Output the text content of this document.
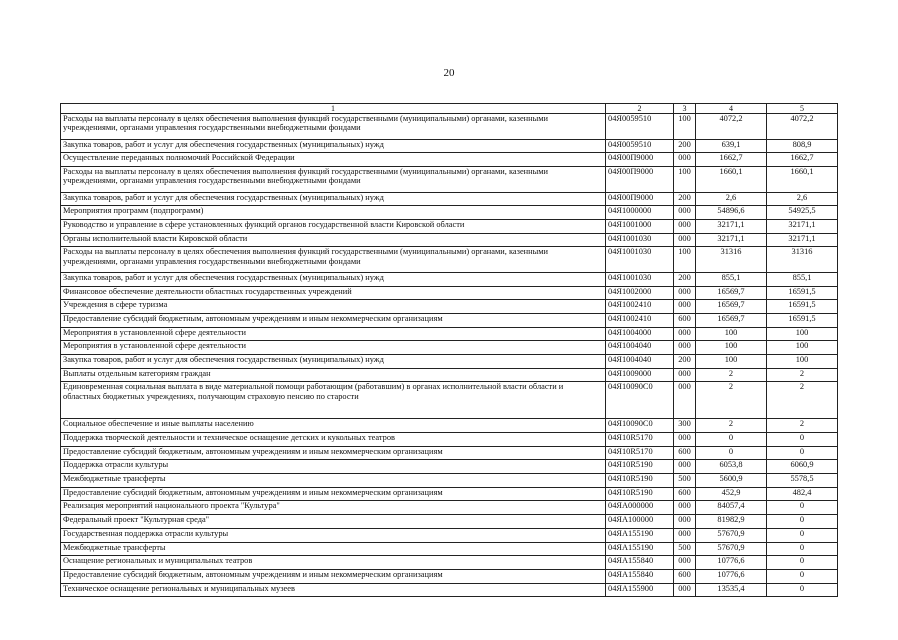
20
1	2	3	4	5
Расходы на выплаты персоналу в целях обеспечения выполнения функций государственными (муниципальными) органами, казенными учреждениями, органами управления государственными внебюджетными фондами	04Я0059510	100	4072,2	4072,2
Закупка товаров, работ и услуг для обеспечения государственных (муниципальных) нужд	04Я0059510	200	639,1	808,9
Осуществление переданных полномочий Российской Федерации	04Я00П9000	000	1662,7	1662,7
Расходы на выплаты персоналу в целях обеспечения выполнения функций государственными (муниципальными) органами, казенными учреждениями, органами управления государственными внебюджетными фондами	04Я00П9000	100	1660,1	1660,1
Закупка товаров, работ и услуг для обеспечения государственных (муниципальных) нужд	04Я00П9000	200	2,6	2,6
Мероприятия программ (подпрограмм)	04Я1000000	000	54896,6	54925,5
Руководство и управление в сфере установленных функций органов государственной власти Кировской области	04Я1001000	000	32171,1	32171,1
Органы исполнительной власти Кировской области	04Я1001030	000	32171,1	32171,1
Расходы на выплаты персоналу в целях обеспечения выполнения функций государственными (муниципальными) органами, казенными учреждениями, органами управления государственными внебюджетными фондами	04Я1001030	100	31316	31316
Закупка товаров, работ и услуг для обеспечения государственных (муниципальных) нужд	04Я1001030	200	855,1	855,1
Финансовое обеспечение деятельности областных государственных учреждений	04Я1002000	000	16569,7	16591,5
Учреждения в сфере туризма	04Я1002410	000	16569,7	16591,5
Предоставление субсидий бюджетным, автономным учреждениям и иным некоммерческим организациям	04Я1002410	600	16569,7	16591,5
Мероприятия в установленной сфере деятельности	04Я1004000	000	100	100
Мероприятия в установленной сфере деятельности	04Я1004040	000	100	100
Закупка товаров, работ и услуг для обеспечения государственных (муниципальных) нужд	04Я1004040	200	100	100
Выплаты отдельным категориям граждан	04Я1009000	000	2	2
Единовременная социальная выплата в виде материальной помощи работающим (работавшим) в органах исполнительной власти области и областных бюджетных учреждениях, получающим страховую пенсию по старости	04Я10090С0	000	2	2
Социальное обеспечение и иные выплаты населению	04Я10090С0	300	2	2
Поддержка творческой деятельности и техническое оснащение детских и кукольных театров	04Я10R5170	000	0	0
Предоставление субсидий бюджетным, автономным учреждениям и иным некоммерческим организациям	04Я10R5170	600	0	0
Поддержка отрасли культуры	04Я10R5190	000	6053,8	6060,9
Межбюджетные трансферты	04Я10R5190	500	5600,9	5578,5
Предоставление субсидий бюджетным, автономным учреждениям и иным некоммерческим организациям	04Я10R5190	600	452,9	482,4
Реализация мероприятий национального проекта "Культура"	04ЯА000000	000	84057,4	0
Федеральный проект "Культурная среда"	04ЯА100000	000	81982,9	0
Государственная поддержка отрасли культуры	04ЯА155190	000	57670,9	0
Межбюджетные трансферты	04ЯА155190	500	57670,9	0
Оснащение региональных и муниципальных театров	04ЯА155840	000	10776,6	0
Предоставление субсидий бюджетным, автономным учреждениям и иным некоммерческим организациям	04ЯА155840	600	10776,6	0
Техническое оснащение региональных и муниципальных музеев	04ЯА155900	000	13535,4	0
